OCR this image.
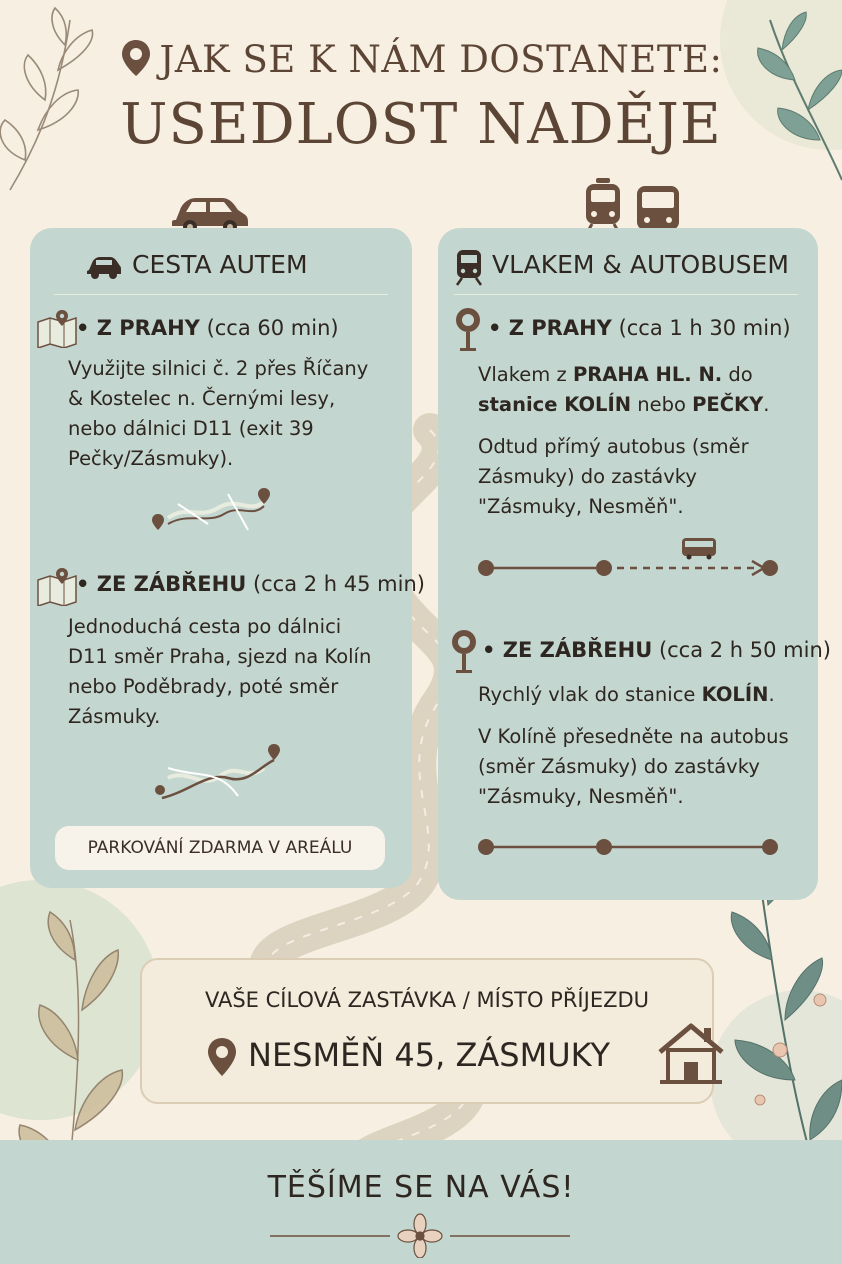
JAK SE K NÁM DOSTANETE:
USEDLOST NADĚJE
CESTA AUTEM
• Z PRAHY (cca 60 min)
Využijte silnici č. 2 přes Říčany
& Kostelec n. Černými lesy,
nebo dálnici D11 (exit 39
Pečky/Zásmuky).
• ZE ZÁBŘEHU (cca 2 h 45 min)
Jednoduchá cesta po dálnici
D11 směr Praha, sjezd na Kolín
nebo Poděbrady, poté směr
Zásmuky.
PARKOVÁNÍ ZDARMA V AREÁLU
VLAKEM & AUTOBUSEM
• Z PRAHY (cca 1 h 30 min)
Vlakem z PRAHA HL. N. do
stanice KOLÍN nebo PEČKY.
Odtud přímý autobus (směr
Zásmuky) do zastávky
"Zásmuky, Nesměň".
• ZE ZÁBŘEHU (cca 2 h 50 min)
Rychlý vlak do stanice KOLÍN.
V Kolíně přesedněte na autobus
(směr Zásmuky) do zastávky
"Zásmuky, Nesměň".
VAŠE CÍLOVÁ ZASTÁVKA / MÍSTO PŘÍJEZDU
NESMĚŇ 45, ZÁSMUKY
TĚŠÍME SE NA VÁS!
